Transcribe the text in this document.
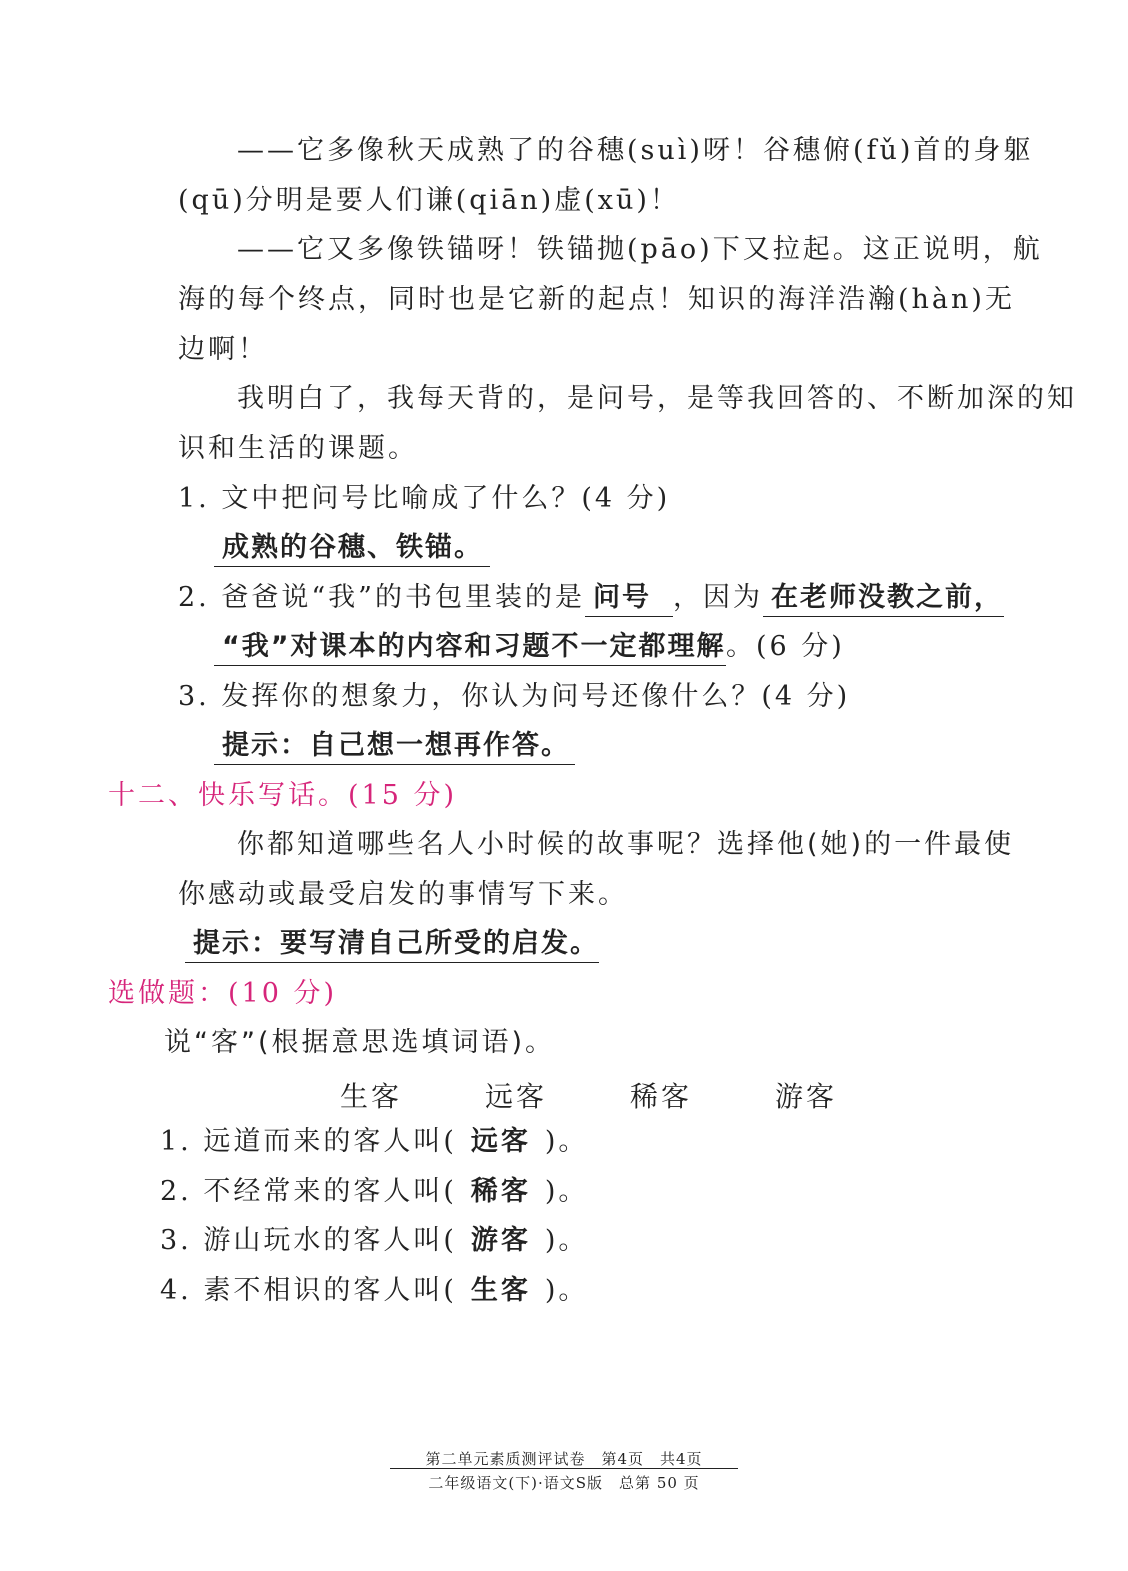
——它多像秋天成熟了的谷穗(suì)呀！谷穗俯(fǔ)首的身躯
(qū)分明是要人们谦(qiān)虚(xū)！
——它又多像铁锚呀！铁锚抛(pāo)下又拉起。这正说明，航
海的每个终点，同时也是它新的起点！知识的海洋浩瀚(hàn)无
边啊！
我明白了，我每天背的，是问号，是等我回答的、不断加深的知
识和生活的课题。
1. 文中把问号比喻成了什么？(4 分)
成熟的谷穗、铁锚。
2. 爸爸说“我”的书包里装的是 问号 ，因为 在老师没教之前，
“我”对课本的内容和习题不一定都理解。(6 分)
3. 发挥你的想象力，你认为问号还像什么？(4 分)
提示：自己想一想再作答。
十二、快乐写话。(15 分)
你都知道哪些名人小时候的故事呢？选择他(她)的一件最使
你感动或最受启发的事情写下来。
提示：要写清自己所受的启发。
选做题：(10 分)
说“客”(根据意思选填词语)。
生客	远客	稀客	游客
1. 远道而来的客人叫( 远客 )。
2. 不经常来的客人叫( 稀客 )。
3. 游山玩水的客人叫( 游客 )。
4. 素不相识的客人叫( 生客 )。
第二单元素质测评试卷　第4页　共4页
二年级语文(下)·语文S版　总第 50 页
